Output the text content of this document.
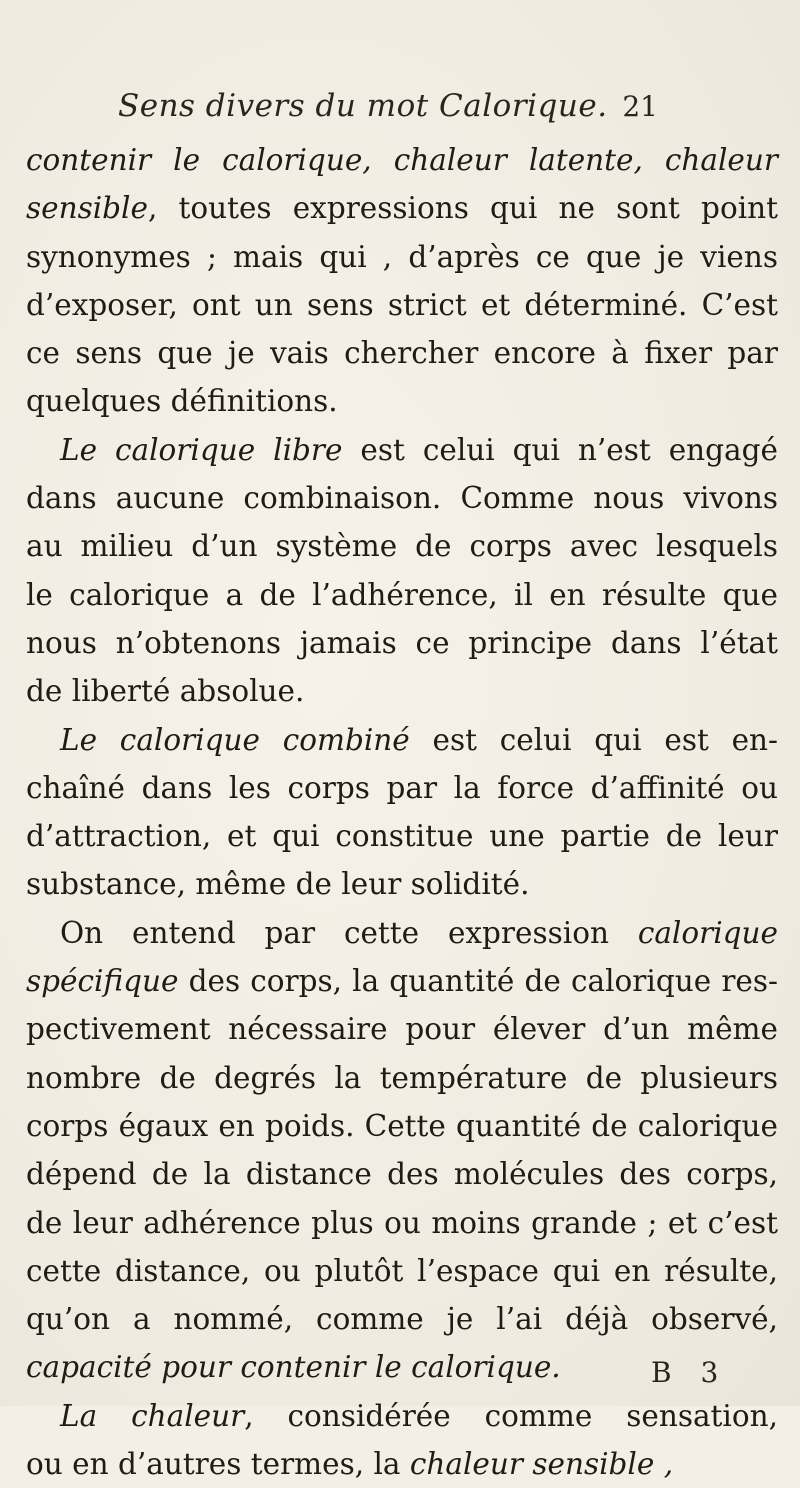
Sens divers du mot Calorique. 21
contenir le calorique, chaleur latente, chaleur
sensible, toutes expressions qui ne sont point
synonymes ; mais qui , d’après ce que je viens
d’exposer, ont un sens strict et déterminé. C’est
ce sens que je vais chercher encore à fixer par
quelques définitions.
Le calorique libre est celui qui n’est engagé
dans aucune combinaison. Comme nous vivons
au milieu d’un système de corps avec lesquels
le calorique a de l’adhérence, il en résulte que
nous n’obtenons jamais ce principe dans l’état
de liberté absolue.
Le calorique combiné est celui qui est en-
chaîné dans les corps par la force d’affinité ou
d’attraction, et qui constitue une partie de leur
substance, même de leur solidité.
On entend par cette expression calorique
spécifique des corps, la quantité de calorique res-
pectivement nécessaire pour élever d’un même
nombre de degrés la température de plusieurs
corps égaux en poids. Cette quantité de calorique
dépend de la distance des molécules des corps,
de leur adhérence plus ou moins grande ; et c’est
cette distance, ou plutôt l’espace qui en résulte,
qu’on a nommé, comme je l’ai déjà observé,
capacité pour contenir le calorique.
La chaleur, considérée comme sensation,
ou en d’autres termes, la chaleur sensible ,
B 3
